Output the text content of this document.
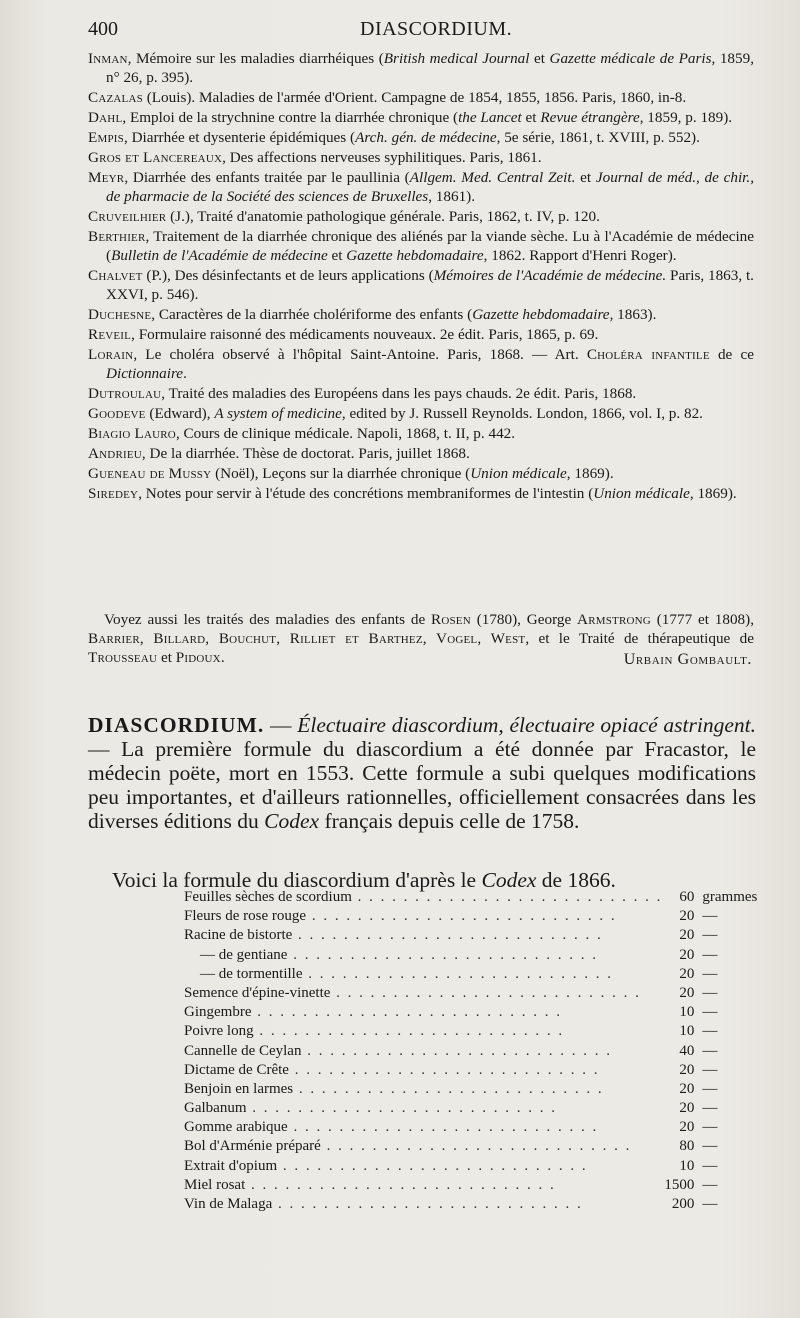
400	DIASCORDIUM.

Inman, Mémoire sur les maladies diarrhéiques (British medical Journal et Gazette médicale de Paris, 1859, n° 26, p. 395).

Cazalas (Louis). Maladies de l'armée d'Orient. Campagne de 1854, 1855, 1856. Paris, 1860, in-8.

Dahl, Emploi de la strychnine contre la diarrhée chronique (the Lancet et Revue étrangère, 1859, p. 189).

Empis, Diarrhée et dysenterie épidémiques (Arch. gén. de médecine, 5e série, 1861, t. XVIII, p. 552).

Gros et Lancereaux, Des affections nerveuses syphilitiques. Paris, 1861.

Meyr, Diarrhée des enfants traitée par le paullinia (Allgem. Med. Central Zeit. et Journal de méd., de chir., de pharmacie de la Société des sciences de Bruxelles, 1861).

Cruveilhier (J.), Traité d'anatomie pathologique générale. Paris, 1862, t. IV, p. 120.

Berthier, Traitement de la diarrhée chronique des aliénés par la viande sèche. Lu à l'Académie de médecine (Bulletin de l'Académie de médecine et Gazette hebdomadaire, 1862. Rapport d'Henri Roger).

Chalvet (P.), Des désinfectants et de leurs applications (Mémoires de l'Académie de médecine. Paris, 1863, t. XXVI, p. 546).

Duchesne, Caractères de la diarrhée cholériforme des enfants (Gazette hebdomadaire, 1863).

Reveil, Formulaire raisonné des médicaments nouveaux. 2e édit. Paris, 1865, p. 69.

Lorain, Le choléra observé à l'hôpital Saint-Antoine. Paris, 1868. — Art. Choléra infantile de ce Dictionnaire.

Dutroulau, Traité des maladies des Européens dans les pays chauds. 2e édit. Paris, 1868.

Goodeve (Edward), A system of medicine, edited by J. Russell Reynolds. London, 1866, vol. I, p. 82.

Biagio Lauro, Cours de clinique médicale. Napoli, 1868, t. II, p. 442.

Andrieu, De la diarrhée. Thèse de doctorat. Paris, juillet 1868.

Gueneau de Mussy (Noël), Leçons sur la diarrhée chronique (Union médicale, 1869).

Siredey, Notes pour servir à l'étude des concrétions membraniformes de l'intestin (Union médicale, 1869).

Voyez aussi les traités des maladies des enfants de Rosen (1780), George Armstrong (1777 et 1808), Barrier, Billard, Bouchut, Rilliet et Barthez, Vogel, West, et le Traité de thérapeutique de Trousseau et Pidoux.	Urbain Gombault.

DIASCORDIUM. — Électuaire diascordium, électuaire opiacé astringent. — La première formule du diascordium a été donnée par Fracastor, le médecin poëte, mort en 1553. Cette formule a subi quelques modifications peu importantes, et d'ailleurs rationnelles, officiellement consacrées dans les diverses éditions du Codex français depuis celle de 1758.

Voici la formule du diascordium d'après le Codex de 1866.

Feuilles sèches de scordium . . . . . . . . . . . . . . . . . . . . . . . . . . .	60	grammes
Fleurs de rose rouge . . . . . . . . . . . . . . . . . . . . . . . . . . .	20	—
Racine de bistorte . . . . . . . . . . . . . . . . . . . . . . . . . . .	20	—
— de gentiane . . . . . . . . . . . . . . . . . . . . . . . . . . .	20	—
— de tormentille . . . . . . . . . . . . . . . . . . . . . . . . . . .	20	—
Semence d'épine-vinette . . . . . . . . . . . . . . . . . . . . . . . . . . .	20	—
Gingembre . . . . . . . . . . . . . . . . . . . . . . . . . . .	10	—
Poivre long . . . . . . . . . . . . . . . . . . . . . . . . . . .	10	—
Cannelle de Ceylan . . . . . . . . . . . . . . . . . . . . . . . . . . .	40	—
Dictame de Crête . . . . . . . . . . . . . . . . . . . . . . . . . . .	20	—
Benjoin en larmes . . . . . . . . . . . . . . . . . . . . . . . . . . .	20	—
Galbanum . . . . . . . . . . . . . . . . . . . . . . . . . . .	20	—
Gomme arabique . . . . . . . . . . . . . . . . . . . . . . . . . . .	20	—
Bol d'Arménie préparé . . . . . . . . . . . . . . . . . . . . . . . . . . .	80	—
Extrait d'opium . . . . . . . . . . . . . . . . . . . . . . . . . . .	10	—
Miel rosat . . . . . . . . . . . . . . . . . . . . . . . . . . .	1500	—
Vin de Malaga . . . . . . . . . . . . . . . . . . . . . . . . . . .	200	—
